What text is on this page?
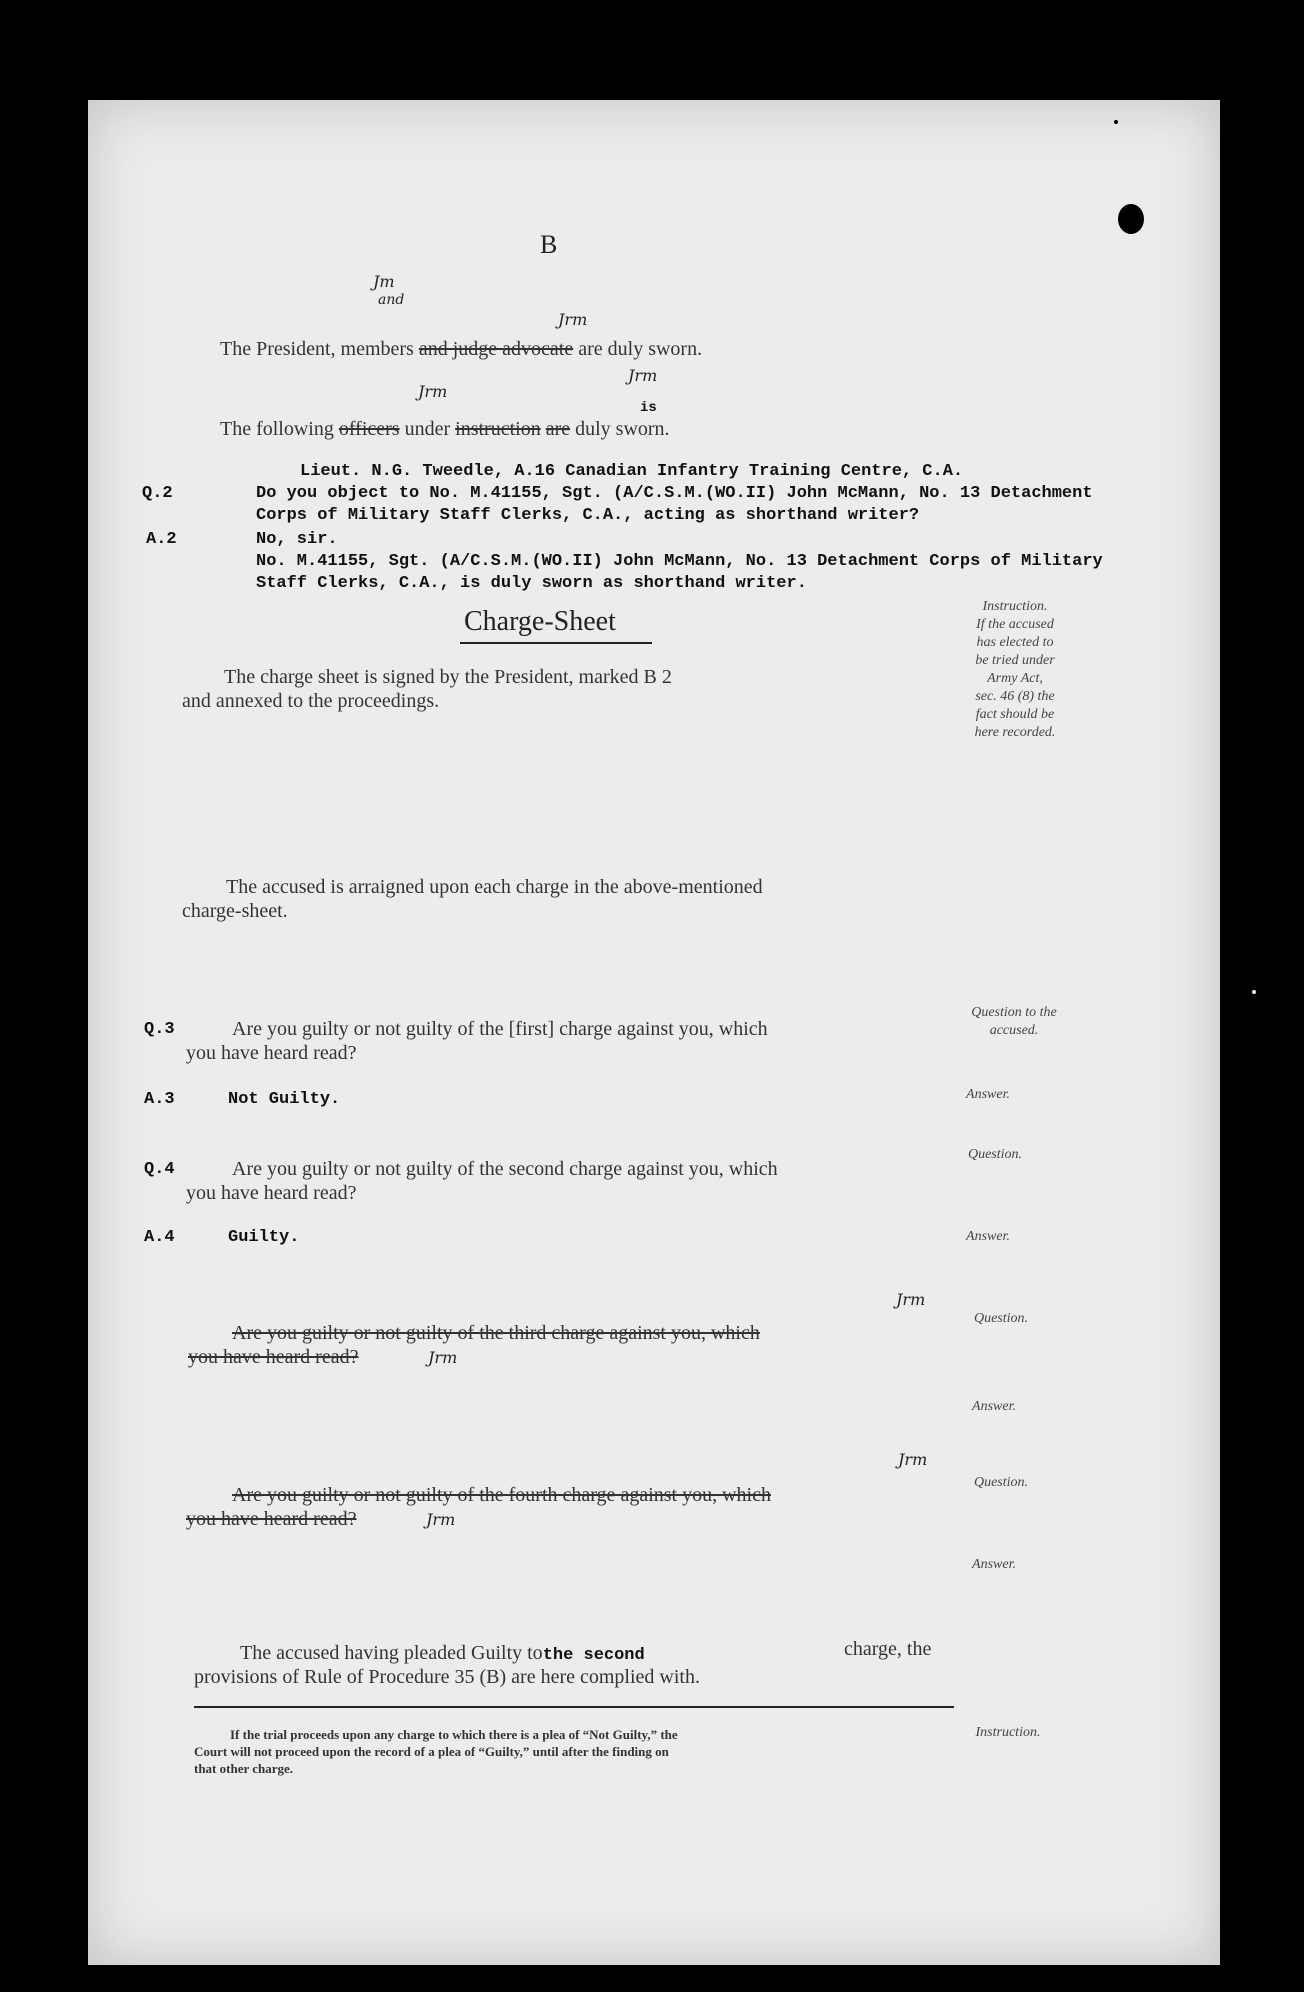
B
The President, members and judge advocate are duly sworn.
and
Jm
Jrm
The following officers under instruction are duly sworn.
is
Jrm
Jrm
Lieut. N.G. Tweedle, A.16 Canadian Infantry Training Centre, C.A.
Q.2	Do you object to No. M.41155, Sgt. (A/C.S.M.(WO.II) John McMann, No. 13 Detachment
Corps of Military Staff Clerks, C.A., acting as shorthand writer?
A.2	No, sir.
No. M.41155, Sgt. (A/C.S.M.(WO.II) John McMann, No. 13 Detachment Corps of Military
Staff Clerks, C.A., is duly sworn as shorthand writer.
Charge-Sheet
The charge sheet is signed by the President, marked B 2
and annexed to the proceedings.
Instruction.
If the accused
has elected to
be tried under
Army Act,
sec. 46 (8) the
fact should be
here recorded.
The accused is arraigned upon each charge in the above-mentioned
charge-sheet.
Q.3	Are you guilty or not guilty of the [first] charge against you, which
you have heard read?
Question to the
accused.
A.3	Not Guilty.	Answer.
Q.4	Are you guilty or not guilty of the second charge against you, which
you have heard read?
Question.
A.4	Guilty.	Answer.
Are you guilty or not guilty of the third charge against you, which
you have heard read?
Jrm
Jrm
Question.
Answer.
Are you guilty or not guilty of the fourth charge against you, which
you have heard read?
Jrm
Jrm
Question.
Answer.
The accused having pleaded Guilty tothe second	charge, the
provisions of Rule of Procedure 35 (B) are here complied with.
If the trial proceeds upon any charge to which there is a plea of “Not Guilty,” the
Court will not proceed upon the record of a plea of “Guilty,” until after the finding on
that other charge.
Instruction.
